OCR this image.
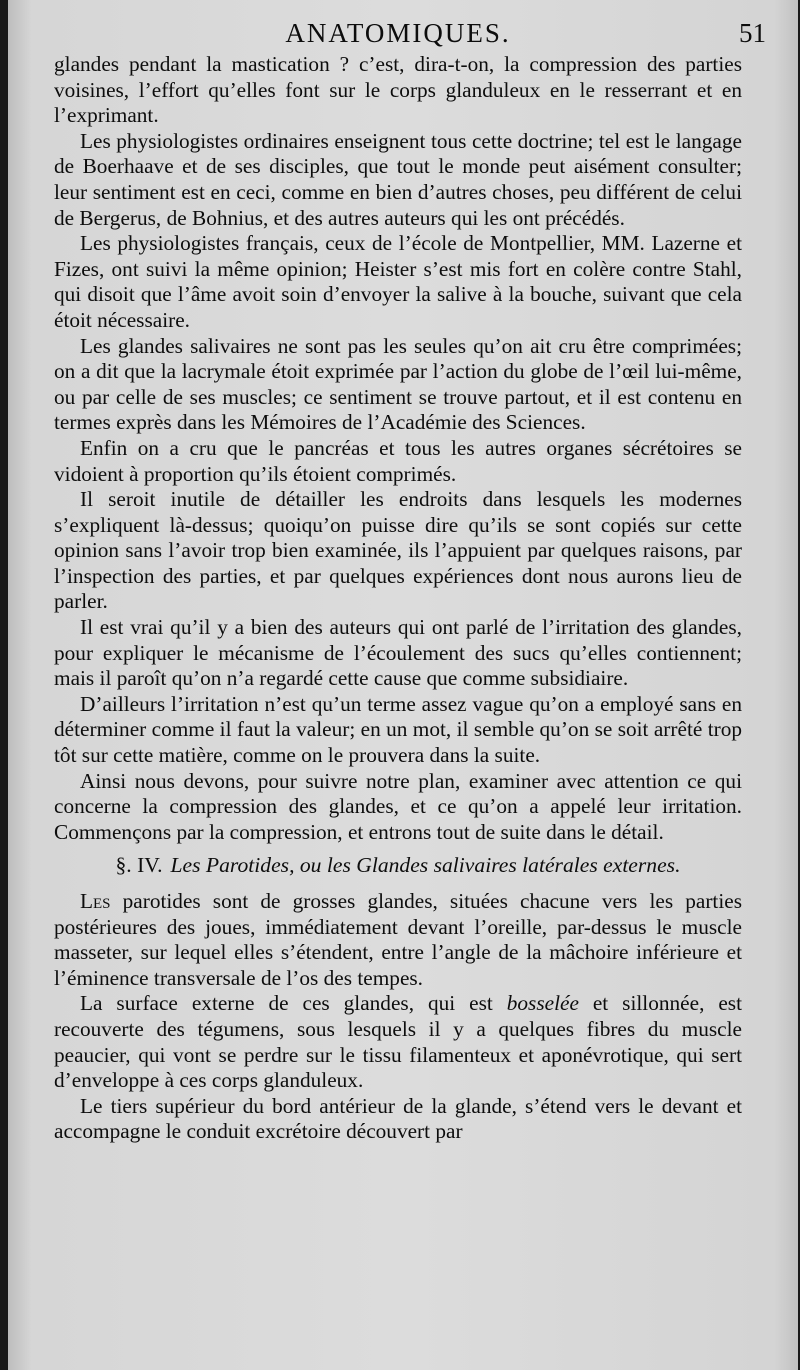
ANATOMIQUES.	51

glandes pendant la mastication ? c’est, dira-t-on, la compression des parties voisines, l’effort qu’elles font sur le corps glanduleux en le resserrant et en l’exprimant.

Les physiologistes ordinaires enseignent tous cette doctrine; tel est le langage de Boerhaave et de ses disciples, que tout le monde peut aisément consulter; leur sentiment est en ceci, comme en bien d’autres choses, peu différent de celui de Bergerus, de Bohnius, et des autres auteurs qui les ont précédés.

Les physiologistes français, ceux de l’école de Montpellier, MM. Lazerne et Fizes, ont suivi la même opinion; Heister s’est mis fort en colère contre Stahl, qui disoit que l’âme avoit soin d’envoyer la salive à la bouche, suivant que cela étoit nécessaire.

Les glandes salivaires ne sont pas les seules qu’on ait cru être comprimées; on a dit que la lacrymale étoit exprimée par l’action du globe de l’œil lui-même, ou par celle de ses muscles; ce sentiment se trouve partout, et il est contenu en termes exprès dans les Mémoires de l’Académie des Sciences.

Enfin on a cru que le pancréas et tous les autres organes sécrétoires se vidoient à proportion qu’ils étoient comprimés.

Il seroit inutile de détailler les endroits dans lesquels les modernes s’expliquent là-dessus; quoiqu’on puisse dire qu’ils se sont copiés sur cette opinion sans l’avoir trop bien examinée, ils l’appuient par quelques raisons, par l’inspection des parties, et par quelques expériences dont nous aurons lieu de parler.

Il est vrai qu’il y a bien des auteurs qui ont parlé de l’irritation des glandes, pour expliquer le mécanisme de l’écoulement des sucs qu’elles contiennent; mais il paroît qu’on n’a regardé cette cause que comme subsidiaire.

D’ailleurs l’irritation n’est qu’un terme assez vague qu’on a employé sans en déterminer comme il faut la valeur; en un mot, il semble qu’on se soit arrêté trop tôt sur cette matière, comme on le prouvera dans la suite.

Ainsi nous devons, pour suivre notre plan, examiner avec attention ce qui concerne la compression des glandes, et ce qu’on a appelé leur irritation. Commençons par la compression, et entrons tout de suite dans le détail.

§. IV. Les Parotides, ou les Glandes salivaires latérales externes.

Les parotides sont de grosses glandes, situées chacune vers les parties postérieures des joues, immédiatement devant l’oreille, par-dessus le muscle masseter, sur lequel elles s’étendent, entre l’angle de la mâchoire inférieure et l’éminence transversale de l’os des tempes.

La surface externe de ces glandes, qui est bosselée et sillonnée, est recouverte des tégumens, sous lesquels il y a quelques fibres du muscle peaucier, qui vont se perdre sur le tissu filamenteux et aponévrotique, qui sert d’enveloppe à ces corps glanduleux.

Le tiers supérieur du bord antérieur de la glande, s’étend vers le devant et accompagne le conduit excrétoire découvert par
